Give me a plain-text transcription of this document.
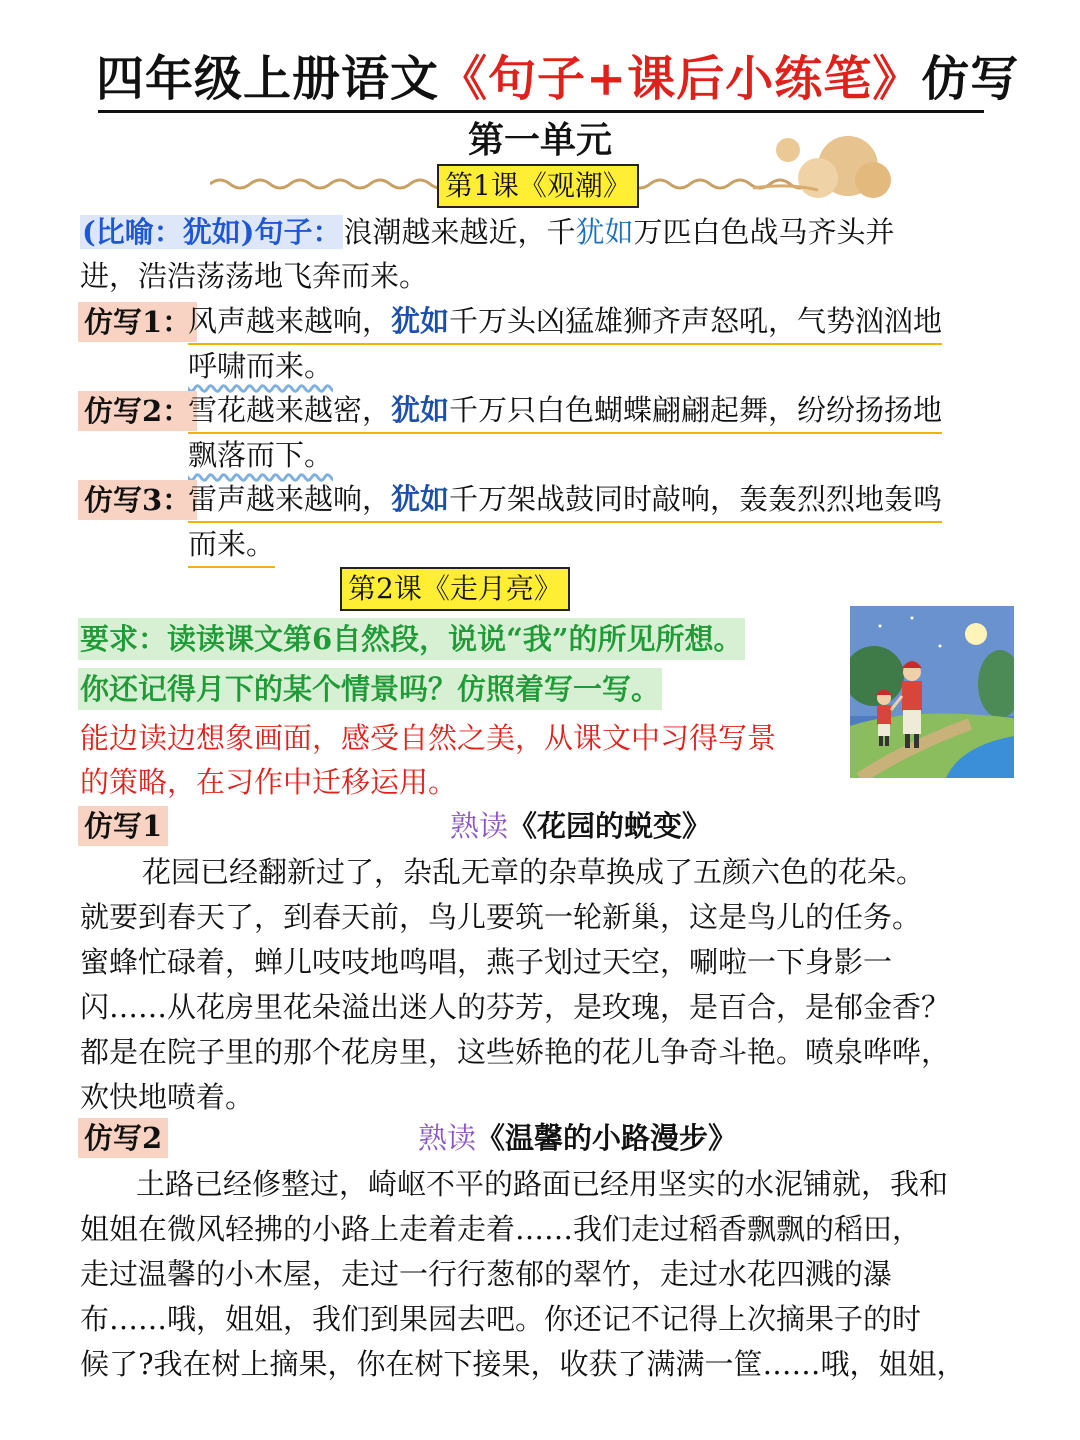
四年级上册语文《句子+课后小练笔》仿写
第一单元
第1课《观潮》
(比喻：犹如)句子：浪潮越来越近，千犹如万匹白色战马齐头并
进，浩浩荡荡地飞奔而来。
仿写1：
风声越来越响，犹如千万头凶猛雄狮齐声怒吼，气势汹汹地
呼啸而来。
仿写2：
雪花越来越密，犹如千万只白色蝴蝶翩翩起舞，纷纷扬扬地
飘落而下。
仿写3：
雷声越来越响，犹如千万架战鼓同时敲响，轰轰烈烈地轰鸣
而来。
第2课《走月亮》
要求：读读课文第6自然段，说说“我”的所见所想。
你还记得月下的某个情景吗？仿照着写一写。
能边读边想象画面，感受自然之美，从课文中习得写景
的策略，在习作中迁移运用。
仿写1	熟读《花园的蜕变》
花园已经翻新过了，杂乱无章的杂草换成了五颜六色的花朵。
就要到春天了，到春天前，鸟儿要筑一轮新巢，这是鸟儿的任务。
蜜蜂忙碌着，蝉儿吱吱地鸣唱，燕子划过天空，唰啦一下身影一
闪……从花房里花朵溢出迷人的芬芳，是玫瑰，是百合，是郁金香？
都是在院子里的那个花房里，这些娇艳的花儿争奇斗艳。喷泉哗哗，
欢快地喷着。
仿写2	熟读《温馨的小路漫步》
土路已经修整过，崎岖不平的路面已经用坚实的水泥铺就，我和
姐姐在微风轻拂的小路上走着走着……我们走过稻香飘飘的稻田，
走过温馨的小木屋，走过一行行葱郁的翠竹，走过水花四溅的瀑
布……哦，姐姐，我们到果园去吧。你还记不记得上次摘果子的时
候了?我在树上摘果，你在树下接果，收获了满满一筐……哦，姐姐，
